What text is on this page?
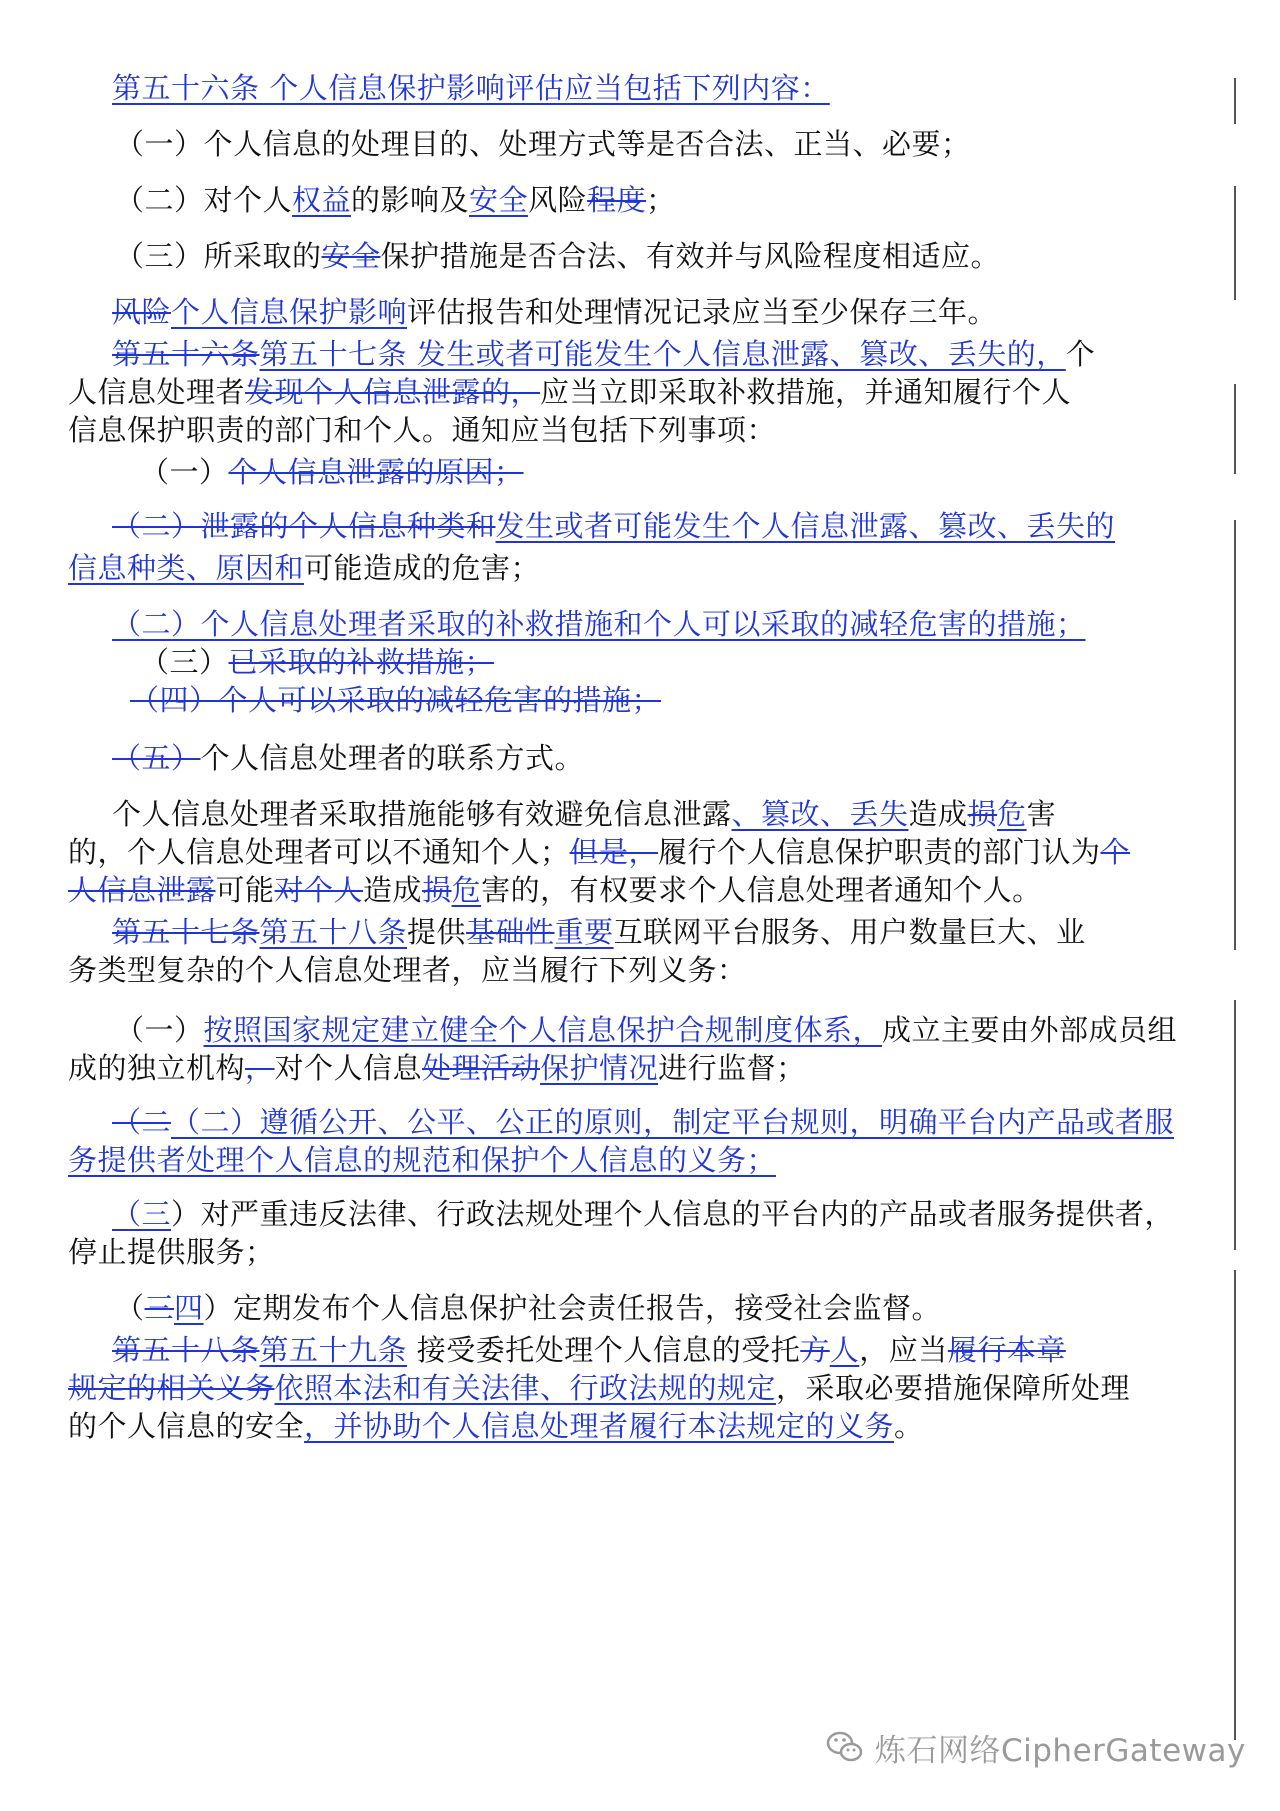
第五十六条 个人信息保护影响评估应当包括下列内容：
（一）个人信息的处理目的、处理方式等是否合法、正当、必要；
（二）对个人权益的影响及安全风险程度；
（三）所采取的安全保护措施是否合法、有效并与风险程度相适应。
风险个人信息保护影响评估报告和处理情况记录应当至少保存三年。
第五十六条第五十七条 发生或者可能发生个人信息泄露、篡改、丢失的，个
人信息处理者发现个人信息泄露的，应当立即采取补救措施，并通知履行个人
信息保护职责的部门和个人。通知应当包括下列事项：
（一）个人信息泄露的原因；
（二）泄露的个人信息种类和发生或者可能发生个人信息泄露、篡改、丢失的
信息种类、原因和可能造成的危害；
（二）个人信息处理者采取的补救措施和个人可以采取的减轻危害的措施；
（三）已采取的补救措施；
（四）个人可以采取的减轻危害的措施；
（五）个人信息处理者的联系方式。
个人信息处理者采取措施能够有效避免信息泄露、篡改、丢失造成损危害
的，个人信息处理者可以不通知个人；但是，履行个人信息保护职责的部门认为个
人信息泄露可能对个人造成损危害的，有权要求个人信息处理者通知个人。
第五十七条第五十八条提供基础性重要互联网平台服务、用户数量巨大、业
务类型复杂的个人信息处理者，应当履行下列义务：
（一）按照国家规定建立健全个人信息保护合规制度体系，成立主要由外部成员组
成的独立机构，对个人信息处理活动保护情况进行监督；
（二（二）遵循公开、公平、公正的原则，制定平台规则，明确平台内产品或者服
务提供者处理个人信息的规范和保护个人信息的义务；
（三）对严重违反法律、行政法规处理个人信息的平台内的产品或者服务提供者，
停止提供服务；
（三四）定期发布个人信息保护社会责任报告，接受社会监督。
第五十八条第五十九条 接受委托处理个人信息的受托方人，应当履行本章
规定的相关义务依照本法和有关法律、行政法规的规定，采取必要措施保障所处理
的个人信息的安全，并协助个人信息处理者履行本法规定的义务。
炼石网络CipherGateway
